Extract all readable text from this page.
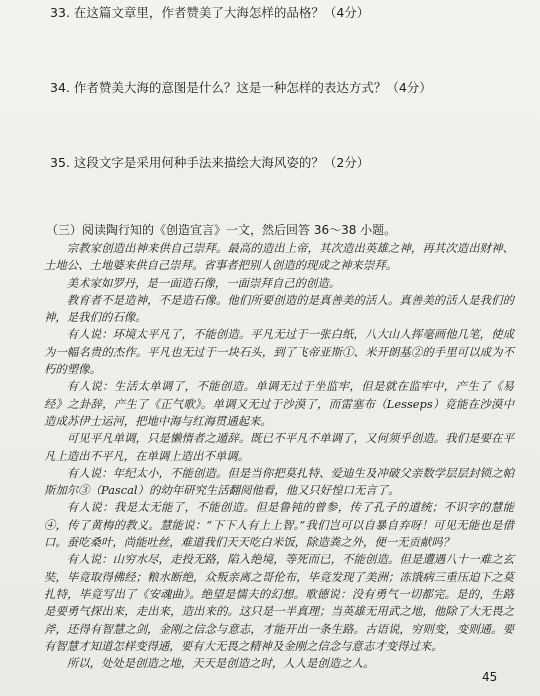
33. 在这篇文章里，作者赞美了大海怎样的品格？（4分）
34. 作者赞美大海的意图是什么？这是一种怎样的表达方式？（4分）
35. 这段文字是采用何种手法来描绘大海风姿的？（2分）
（三）阅读陶行知的《创造宣言》一文，然后回答 36～38 小题。

宗教家创造出神来供自己崇拜。最高的造出上帝，其次造出英雄之神，再其次造出财神、土地公、土地婆来供自己崇拜。省事者把别人创造的现成之神来崇拜。

美术家如罗丹，是一面造石像，一面崇拜自己的创造。

教育者不是造神，不是造石像。他们所要创造的是真善美的活人。真善美的活人是我们的神，是我们的石像。

有人说：环境太平凡了，不能创造。平凡无过于一张白纸，八大山人挥毫画他几笔，使成为一幅名贵的杰作。平凡也无过于一块石头，到了飞帝亚斯①、米开朗基②的手里可以成为不朽的塑像。

有人说：生活太单调了，不能创造。单调无过于坐监牢，但是就在监牢中，产生了《易经》之卦辞，产生了《正气歌》。单调又无过于沙漠了，而雷塞布（Lesseps）竟能在沙漠中造成苏伊士运河，把地中海与红海贯通起来。

可见平凡单调，只是懒惰者之遁辞。既已不平凡不单调了，又何须乎创造。我们是要在平凡上造出不平凡，在单调上造出不单调。

有人说：年纪太小，不能创造。但是当你把莫扎特、爱迪生及冲破父亲数学层层封锁之帕斯加尔③（Pascal）的幼年研究生活翻阅他看，他又只好惶口无言了。

有人说：我是太无能了，不能创造。但是鲁钝的曾参，传了孔子的道统；不识字的慧能④，传了黄梅的教义。慧能说：“下下人有上上智。”我们岂可以自暴自弃呀！可见无能也是借口。蚕吃桑叶，尚能吐丝，难道我们天天吃白米饭，除造粪之外，便一无贡献吗？

有人说：山穷水尽，走投无路，陷入绝境，等死而已，不能创造。但是遭遇八十一难之玄奘，毕竟取得佛经；粮水断绝，众叛亲离之哥伦布，毕竟发现了美洲；冻饿病三重压迫下之莫扎特，毕竟写出了《安魂曲》。绝望是懦夫的幻想。歌德说：没有勇气一切都完。是的，生路是要勇气探出来，走出来，造出来的。这只是一半真理；当英雄无用武之地，他除了大无畏之斧，还得有智慧之剑，金刚之信念与意志，才能开出一条生路。古语说，穷则变，变则通。要有智慧才知道怎样变得通，要有大无畏之精神及金刚之信念与意志才变得过来。

所以，处处是创造之地，天天是创造之时，人人是创造之人。

45
